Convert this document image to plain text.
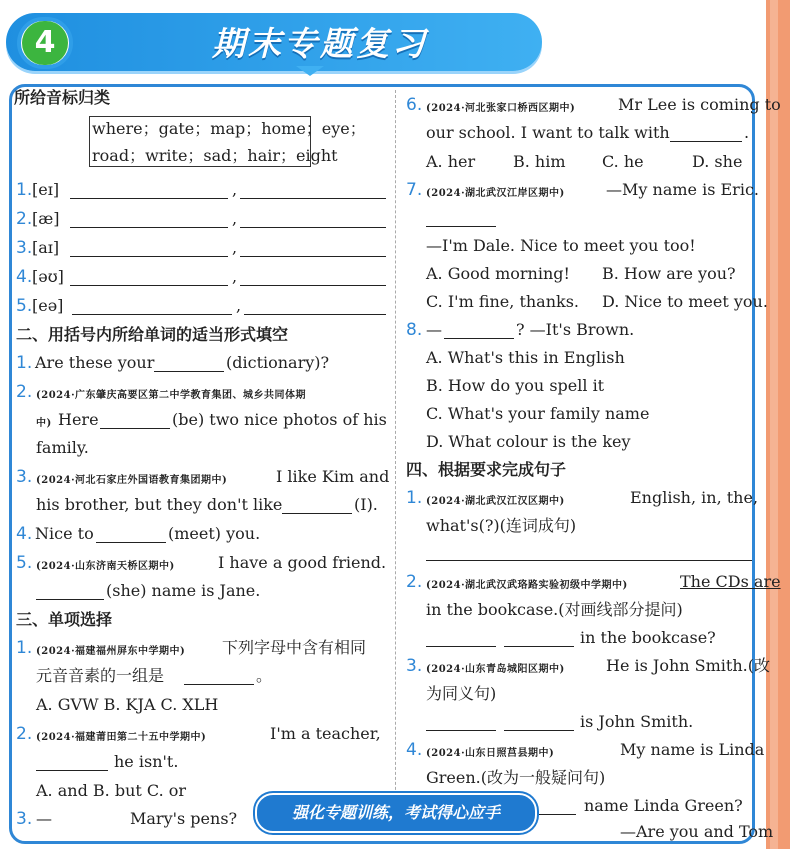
4	期末专题复习
所给音标归类
where；gate；map；home；eye；
road；write；sad；hair；eight
1. [eɪ]	,
2. [æ]	,
3. [aɪ]	,
4. [əʊ]	,
5. [eə]	,
二、用括号内所给单词的适当形式填空
1. Are these your	(dictionary)?
2. (2024·广东肇庆高要区第二中学教育集团、城乡共同体期
中) Here	(be) two nice photos of his
family.
3. (2024·河北石家庄外国语教育集团期中)	I like Kim and
his brother, but they don't like	(I).
4. Nice to	(meet) you.
5. (2024·山东济南天桥区期中)	I have a good friend.
(she) name is Jane.
三、单项选择
1. (2024·福建福州屏东中学期中) 下列字母中含有相同
元音音素的一组是	。
A. GVW B. KJA C. XLH
2. (2024·福建莆田第二十五中学期中)	I'm a teacher,
he isn't.
A. and B. but C. or
3. —	Mary's pens?
6. (2024·河北张家口桥西区期中)	Mr Lee is coming to
our school. I want to talk with	.
A. her B. him C. he	D. she
7. (2024·湖北武汉江岸区期中)	—My name is Eric.
—I'm Dale. Nice to meet you too!
A. Good morning! B. How are you?
C. I'm fine, thanks. D. Nice to meet you.
8. —	? —It's Brown.
A. What's this in English
B. How do you spell it
C. What's your family name
D. What colour is the key
四、根据要求完成句子
1. (2024·湖北武汉江汉区期中)	English, in, the,
what's(?)(连词成句)
2. (2024·湖北武汉武珞路实验初级中学期中)	The CDs are
in the bookcase.(对画线部分提问)
in the bookcase?
3. (2024·山东青岛城阳区期中)	He is John Smith.(改
为同义句)
is John Smith.
4. (2024·山东日照莒县期中)	My name is Linda
Green.(改为一般疑问句)
name Linda Green?
—Are you and Tom
强化专题训练，考试得心应手
